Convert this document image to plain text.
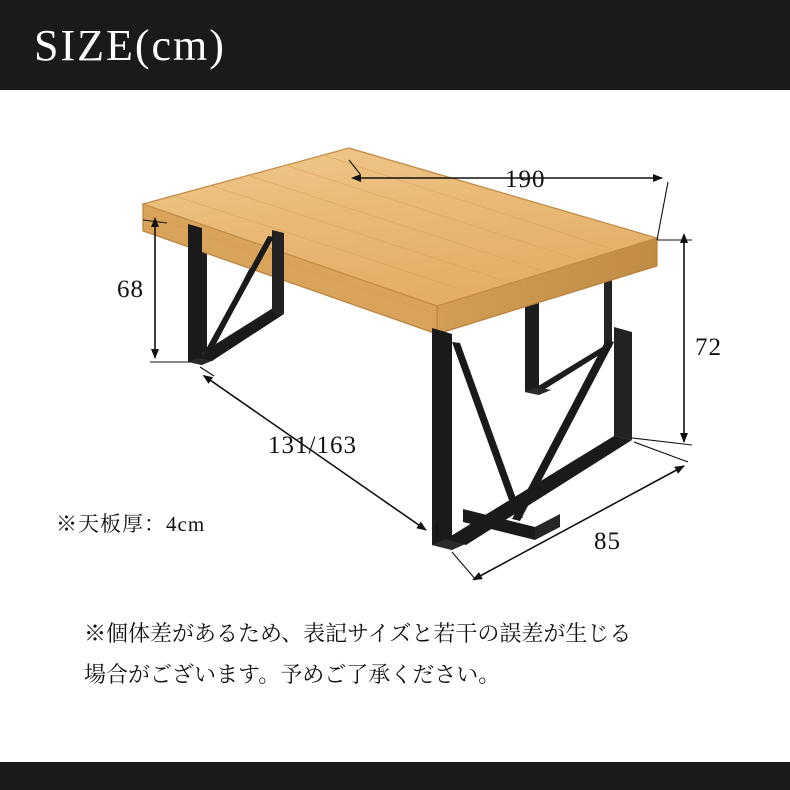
SIZE(cm)
190
68
72
131/163
85
※天板厚：4cm
※個体差があるため、表記サイズと若干の誤差が生じる
場合がございます。予めご了承ください。
